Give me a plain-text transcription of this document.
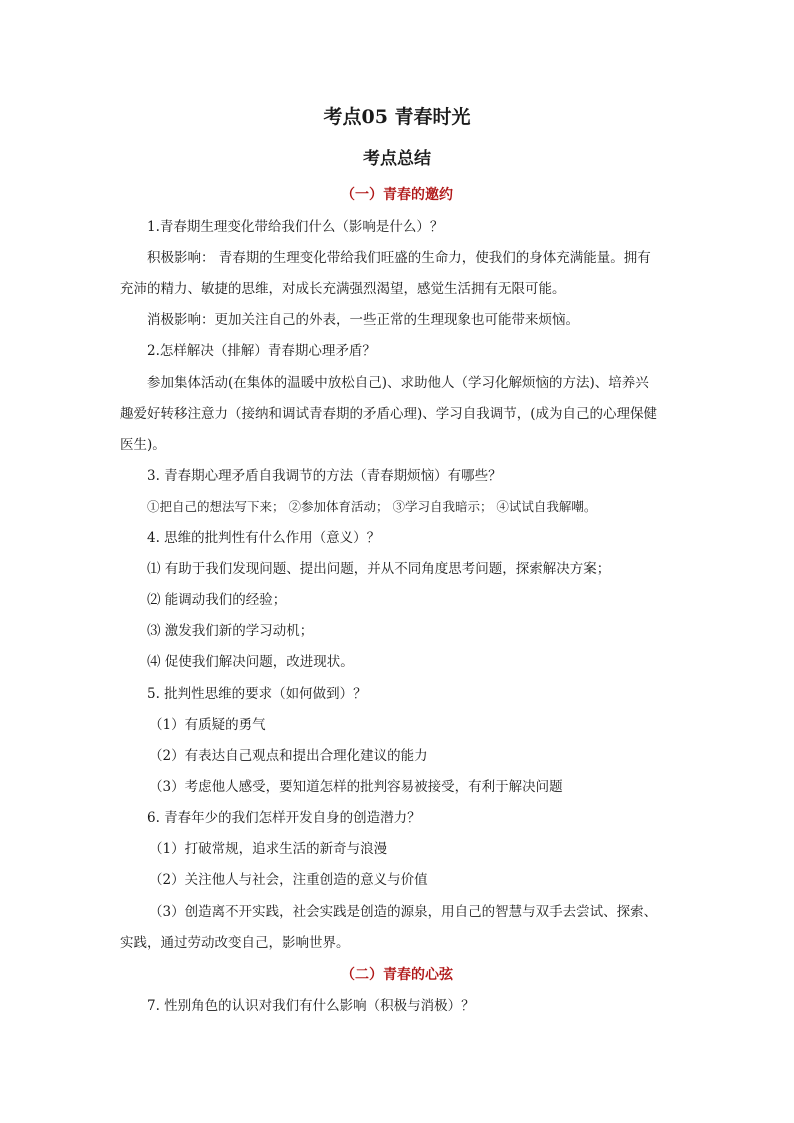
考点05 青春时光
考点总结
（一）青春的邀约
1.青春期生理变化带给我们什么（影响是什么）？
积极影响： 青春期的生理变化带给我们旺盛的生命力，使我们的身体充满能量。拥有
充沛的精力、敏捷的思维，对成长充满强烈渴望，感觉生活拥有无限可能。
消极影响：更加关注自己的外表，一些正常的生理现象也可能带来烦恼。
2.怎样解决（排解）青春期心理矛盾？
参加集体活动(在集体的温暖中放松自己)、求助他人（学习化解烦恼的方法)、培养兴
趣爱好转移注意力（接纳和调试青春期的矛盾心理)、学习自我调节，(成为自己的心理保健
医生)。
3. 青春期心理矛盾自我调节的方法（青春期烦恼）有哪些？
①把自己的想法写下来； ②参加体育活动； ③学习自我暗示； ④试试自我解嘲。
4. 思维的批判性有什么作用（意义）？
⑴ 有助于我们发现问题、提出问题，并从不同角度思考问题，探索解决方案；
⑵ 能调动我们的经验；
⑶ 激发我们新的学习动机；
⑷ 促使我们解决问题，改进现状。
5. 批判性思维的要求（如何做到）？
（1）有质疑的勇气
（2）有表达自己观点和提出合理化建议的能力
（3）考虑他人感受，要知道怎样的批判容易被接受，有利于解决问题
6. 青春年少的我们怎样开发自身的创造潜力？
（1）打破常规，追求生活的新奇与浪漫
（2）关注他人与社会，注重创造的意义与价值
（3）创造离不开实践，社会实践是创造的源泉，用自己的智慧与双手去尝试、探索、
实践，通过劳动改变自己，影响世界。
（二）青春的心弦
7. 性别角色的认识对我们有什么影响（积极与消极）？
